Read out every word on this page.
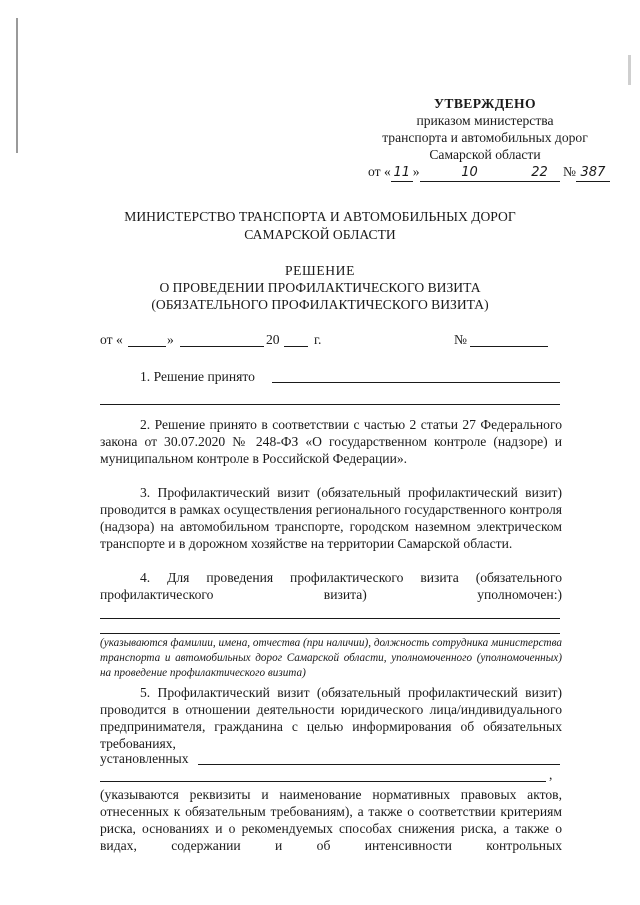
УТВЕРЖДЕНО
приказом министерства
транспорта и автомобильных дорог
Самарской области
от « 11 »	10	22 № 387
МИНИСТЕРСТВО ТРАНСПОРТА И АВТОМОБИЛЬНЫХ ДОРОГ
САМАРСКОЙ ОБЛАСТИ
РЕШЕНИЕ
О ПРОВЕДЕНИИ ПРОФИЛАКТИЧЕСКОГО ВИЗИТА
(ОБЯЗАТЕЛЬНОГО ПРОФИЛАКТИЧЕСКОГО ВИЗИТА)
от «	»	20	г.	№
1. Решение принято
2. Решение принято в соответствии с частью 2 статьи 27 Федерального закона от 30.07.2020 № 248-ФЗ «О государственном контроле (надзоре) и муниципальном контроле в Российской Федерации».
3. Профилактический визит (обязательный профилактический визит) проводится в рамках осуществления регионального государственного контроля (надзора) на автомобильном транспорте, городском наземном электрическом транспорте и в дорожном хозяйстве на территории Самарской области.
4. Для проведения профилактического визита (обязательного
профилактического визита) уполномочен:)
(указываются фамилии, имена, отчества (при наличии), должность сотрудника министерства транспорта и автомобильных дорог Самарской области, уполномоченного (уполномоченных) на проведение профилактического визита)
5. Профилактический визит (обязательный профилактический визит) проводится в отношении деятельности юридического лица/индивидуального предпринимателя, гражданина с целью информирования об обязательных требованиях,
установленных
,
(указываются реквизиты и наименование нормативных правовых актов, отнесенных к обязательным требованиям), а также о соответствии критериям риска, основаниях и о рекомендуемых способах снижения риска, а также о видах, содержании и об интенсивности контрольных
